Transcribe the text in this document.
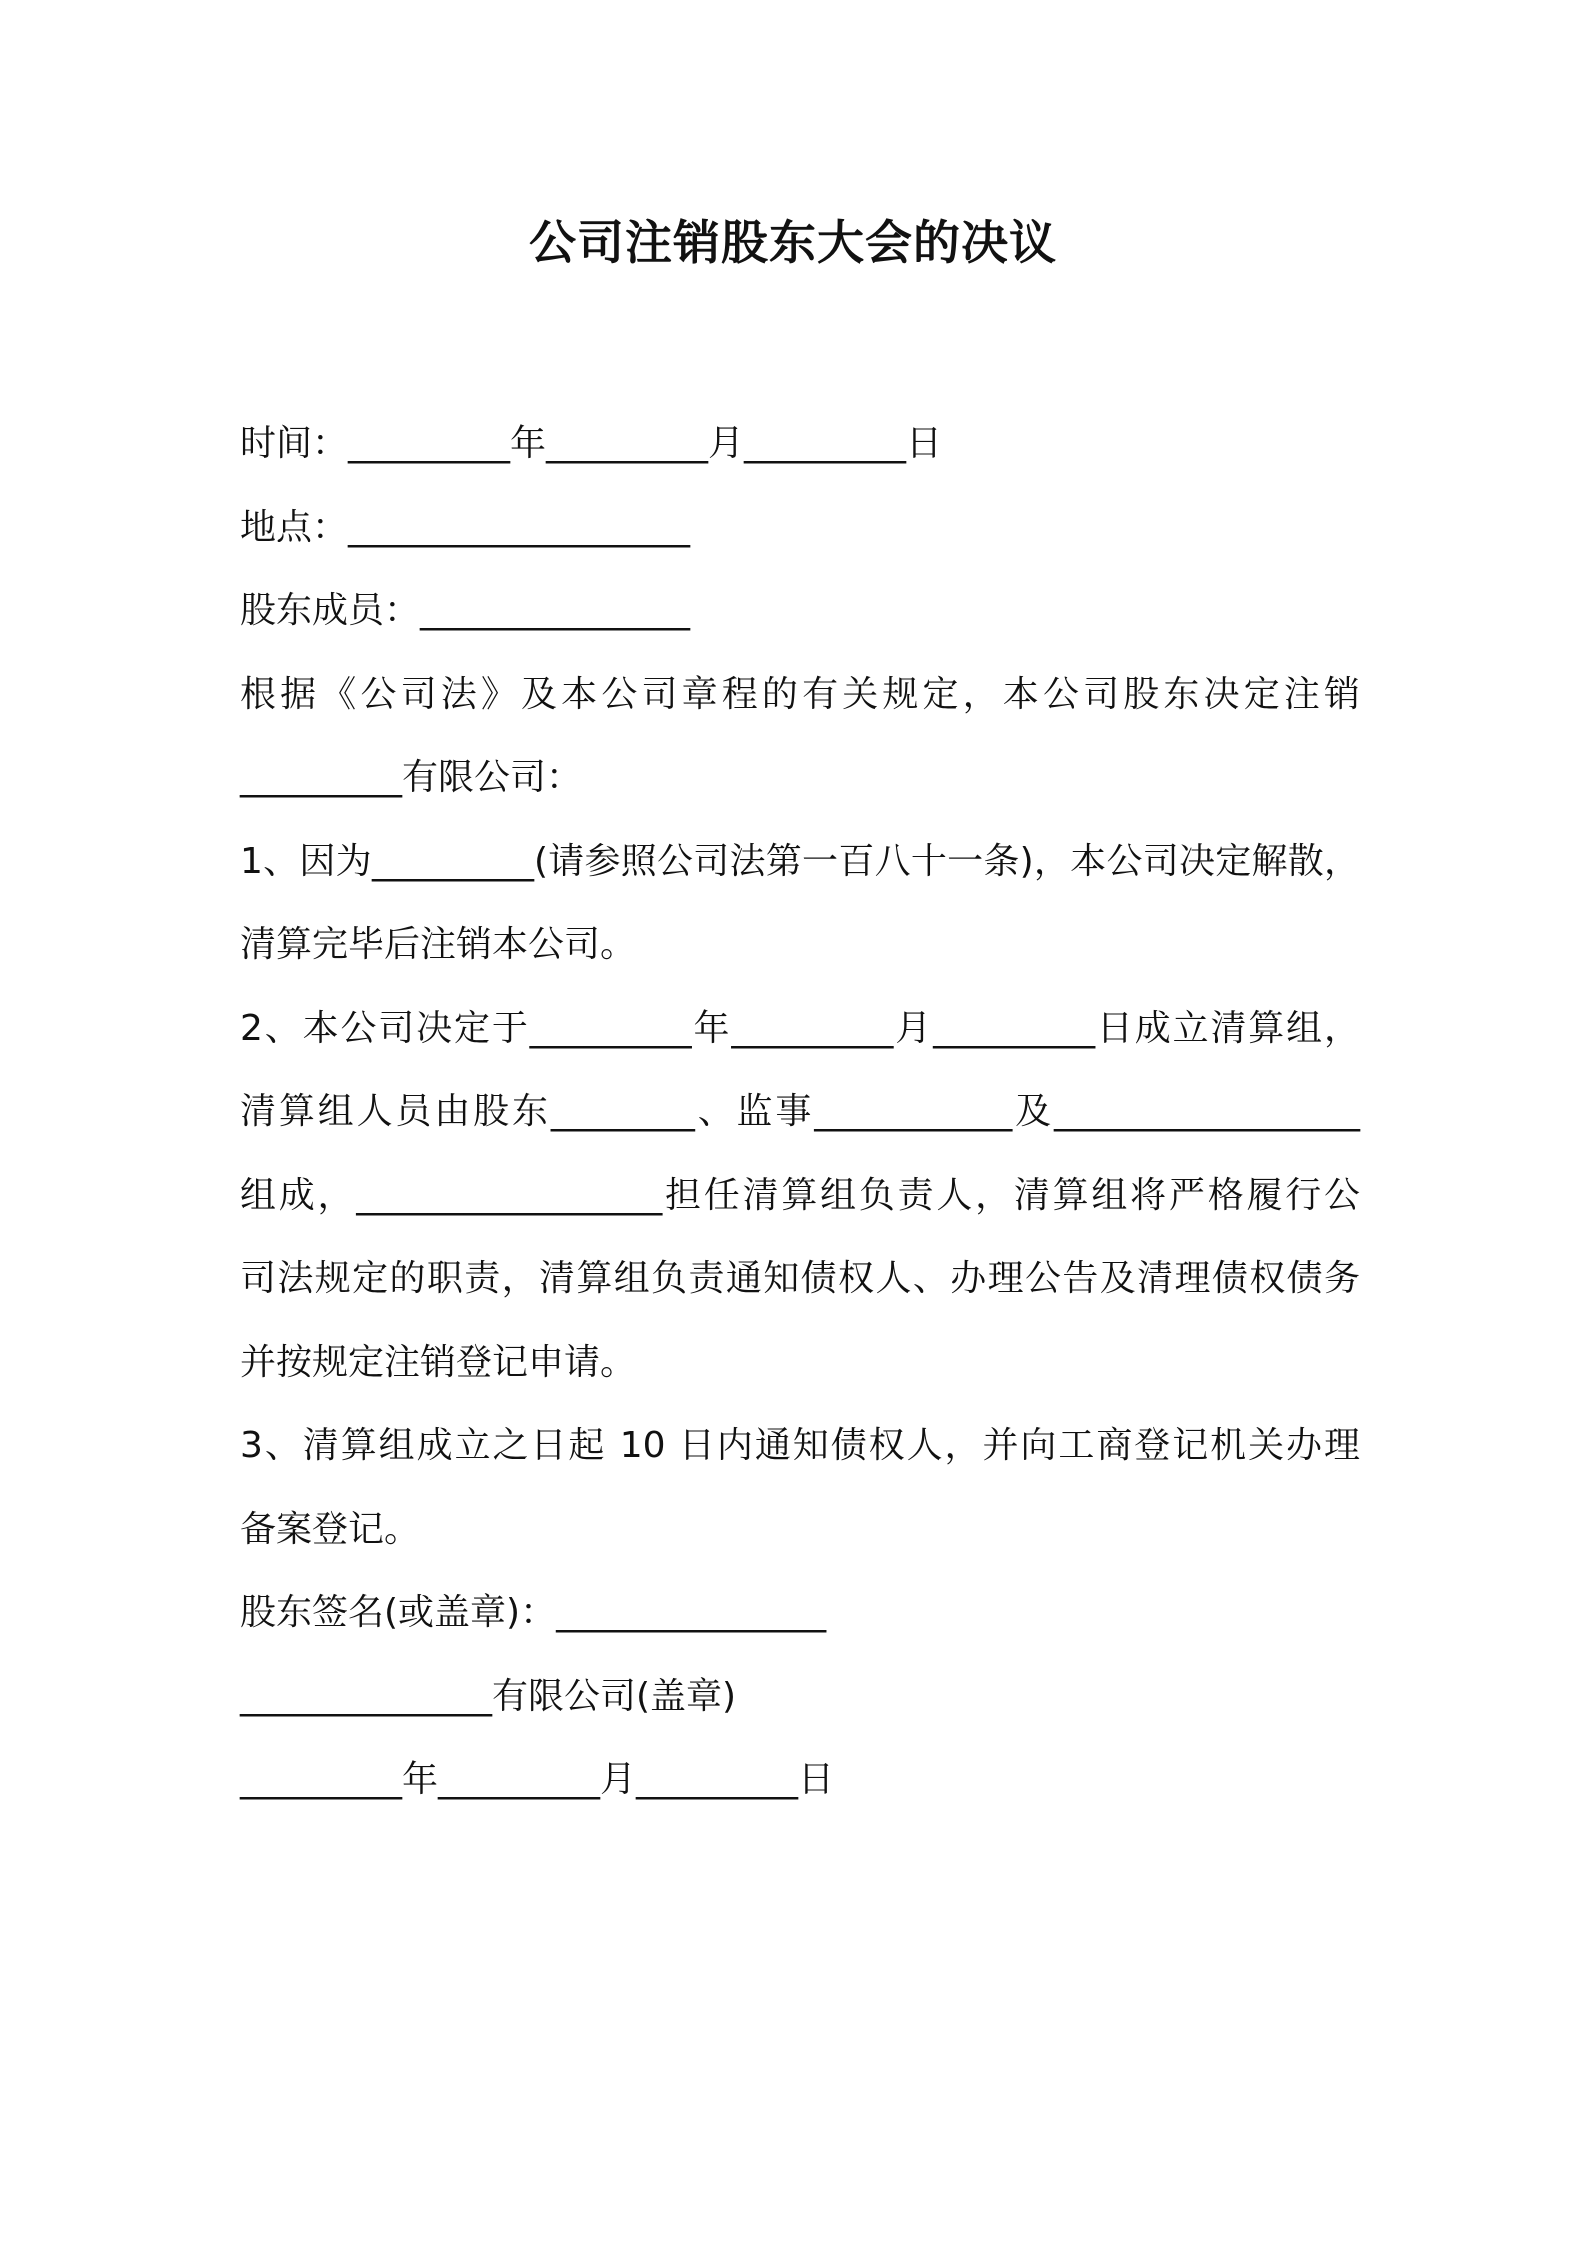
公司注销股东大会的决议
时间：_________年_________月_________日
地点：___________________
股东成员：_______________
根据《公司法》及本公司章程的有关规定，本公司股东决定注销
_________有限公司：
1、因为_________(请参照公司法第一百八十一条)，本公司决定解散，
清算完毕后注销本公司。
2、本公司决定于_________年_________月_________日成立清算组，
清算组人员由股东________、监事___________及_________________
组成，_________________担任清算组负责人，清算组将严格履行公
司法规定的职责，清算组负责通知债权人、办理公告及清理债权债务
并按规定注销登记申请。
3、清算组成立之日起 10 日内通知债权人，并向工商登记机关办理
备案登记。
股东签名(或盖章)：_______________
______________有限公司(盖章)
_________年_________月_________日
